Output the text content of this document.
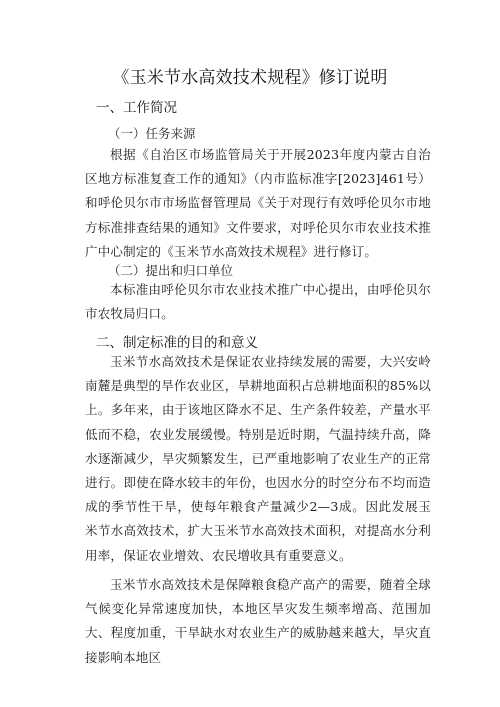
《玉米节水高效技术规程》修订说明
一、工作简况
（一）任务来源

根据《自治区市场监管局关于开展2023年度内蒙古自治区地方标准复查工作的通知》（内市监标准字[2023]461号）和呼伦贝尔市市场监督管理局《关于对现行有效呼伦贝尔市地方标准排查结果的通知》文件要求，对呼伦贝尔市农业技术推广中心制定的《玉米节水高效技术规程》进行修订。

（二）提出和归口单位

本标准由呼伦贝尔市农业技术推广中心提出，由呼伦贝尔市农牧局归口。

二、制定标准的目的和意义

玉米节水高效技术是保证农业持续发展的需要，大兴安岭南麓是典型的旱作农业区，旱耕地面积占总耕地面积的85%以上。多年来，由于该地区降水不足、生产条件较差，产量水平低而不稳，农业发展缓慢。特别是近时期，气温持续升高，降水逐渐减少，旱灾频繁发生，已严重地影响了农业生产的正常进行。即使在降水较丰的年份，也因水分的时空分布不均而造成的季节性干旱，使每年粮食产量减少2—3成。因此发展玉米节水高效技术，扩大玉米节水高效技术面积，对提高水分利用率，保证农业增效、农民增收具有重要意义。

玉米节水高效技术是保障粮食稳产高产的需要，随着全球气候变化异常速度加快，本地区旱灾发生频率增高、范围加大、程度加重，干旱缺水对农业生产的威胁越来越大，旱灾直接影响本地区
